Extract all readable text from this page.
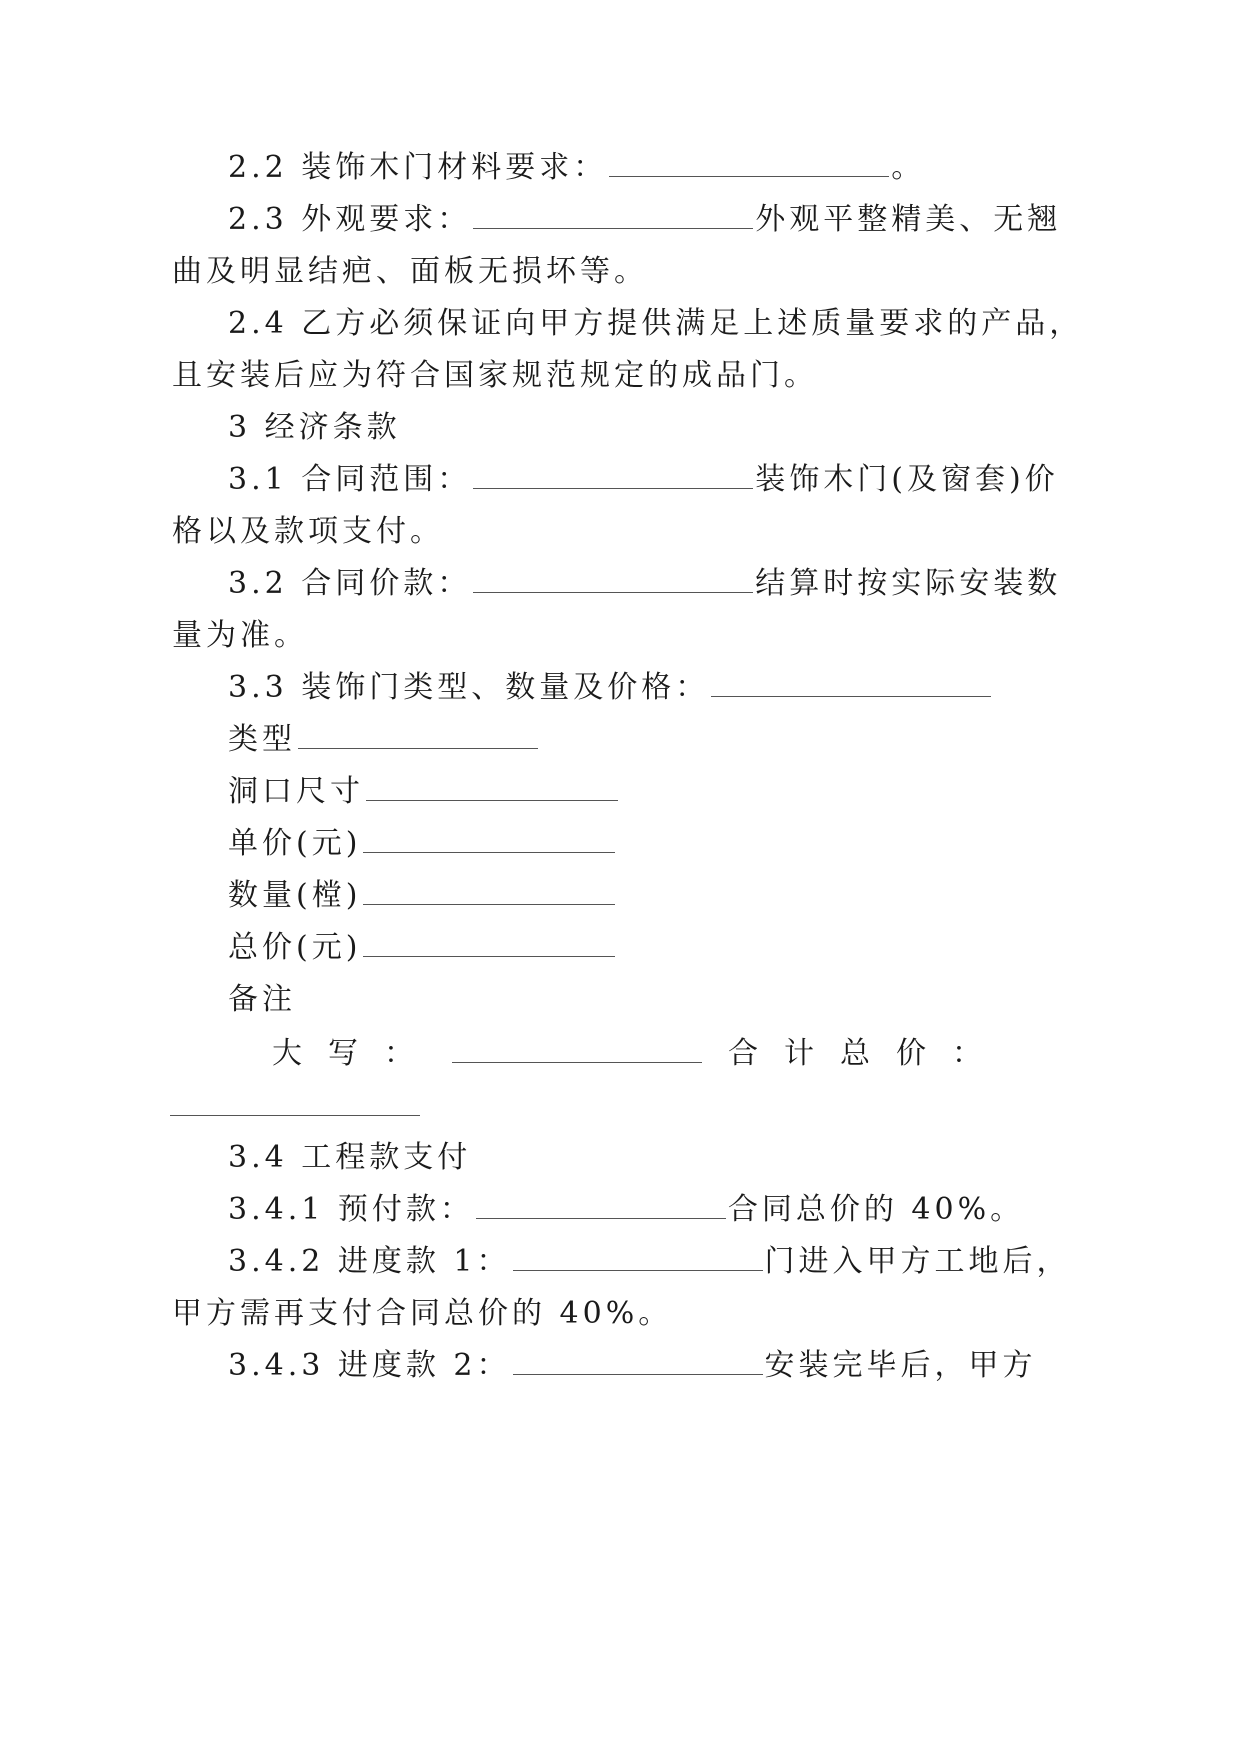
2.2 装饰木门材料要求：	。
2.3 外观要求：	外观平整精美、无翘
曲及明显结疤、面板无损坏等。
2.4 乙方必须保证向甲方提供满足上述质量要求的产品，
且安装后应为符合国家规范规定的成品门。
3 经济条款
3.1 合同范围：	装饰木门(及窗套)价
格以及款项支付。
3.2 合同价款：	结算时按实际安装数
量为准。
3.3 装饰门类型、数量及价格：
类型
洞口尺寸
单价(元)
数量(樘)
总价(元)
备注
大写：	合计总价：
3.4 工程款支付
3.4.1 预付款：	合同总价的 40%。
3.4.2 进度款 1：	门进入甲方工地后，
甲方需再支付合同总价的 40%。
3.4.3 进度款 2：	安装完毕后，甲方
